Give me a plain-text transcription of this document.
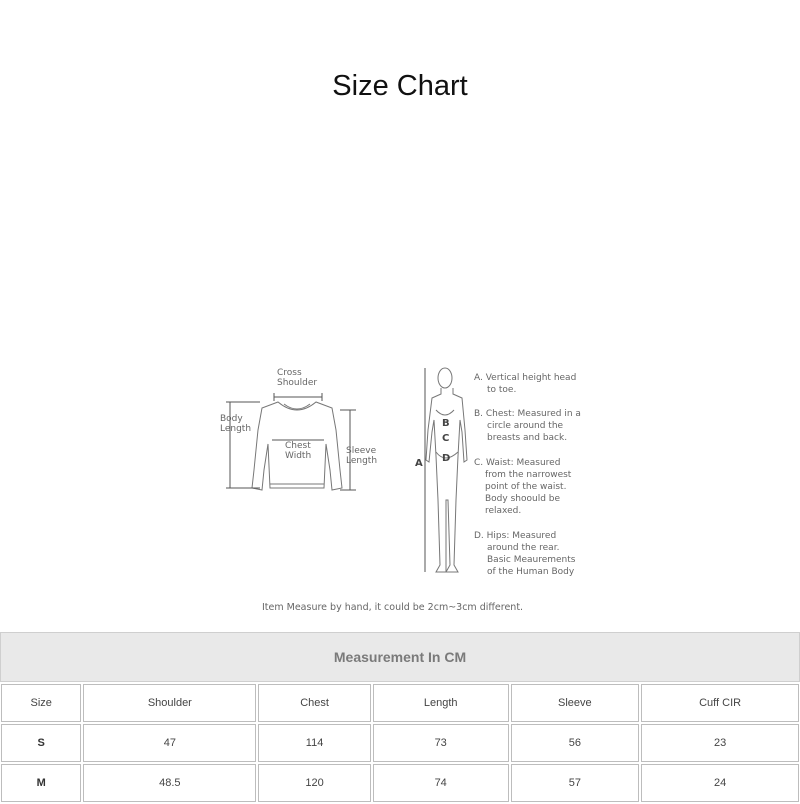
Size Chart
Cross
Shoulder
Body
Length
Chest
Width	Sleeve
Length	A
B
C
D
A. Vertical height head
to toe.
B. Chest: Measured in a
circle around the
breasts and back.
C. Waist: Measured
from the narrowest
point of the waist.
Body shoould be
relaxed.
D. Hips: Measured
around the rear.
Basic Meaurements
of the Human Body
Item Measure by hand, it could be 2cm~3cm different.
Measurement In CM
Size	Shoulder	Chest	Length	Sleeve	Cuff CIR
S	47	114	73	56	23
M	48.5	120	74	57	24
